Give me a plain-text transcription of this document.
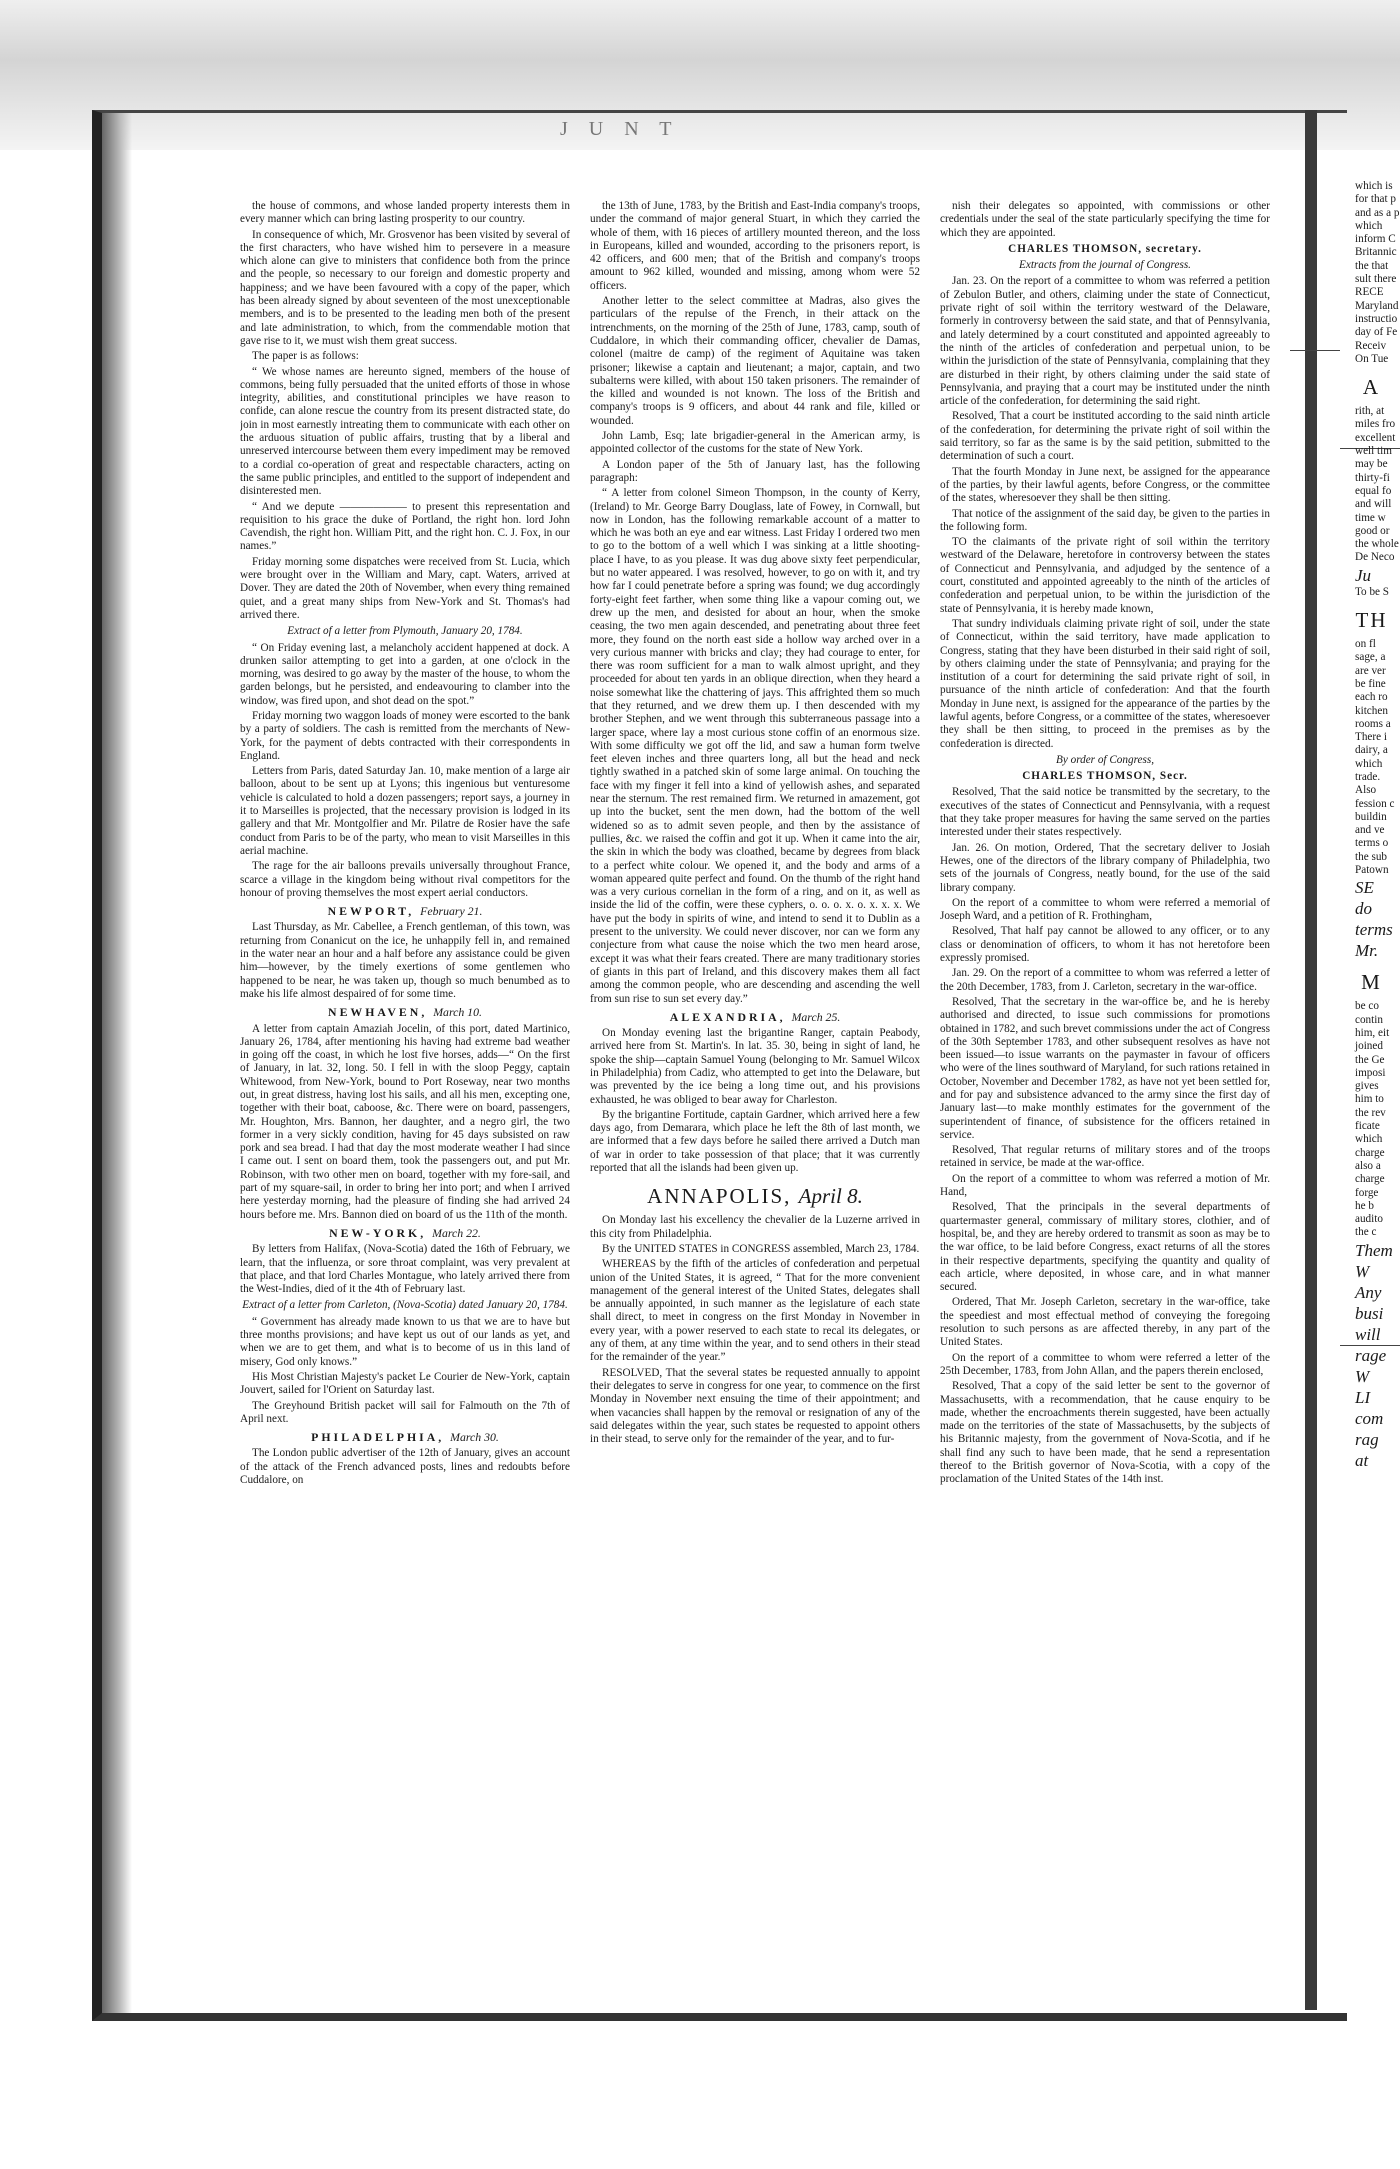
J U N T

the house of commons, and whose landed property interests them in every manner which can bring lasting prosperity to our country.

In consequence of which, Mr. Grosvenor has been visited by several of the first characters, who have wished him to persevere in a measure which alone can give to ministers that confidence both from the prince and the people, so necessary to our foreign and domestic property and happiness; and we have been favoured with a copy of the paper, which has been already signed by about seventeen of the most unexceptionable members, and is to be presented to the leading men both of the present and late administration, to which, from the commendable motion that gave rise to it, we must wish them great success.

The paper is as follows:

“ We whose names are hereunto signed, members of the house of commons, being fully persuaded that the united efforts of those in whose integrity, abilities, and constitutional principles we have reason to confide, can alone rescue the country from its present distracted state, do join in most earnestly intreating them to communicate with each other on the arduous situation of public affairs, trusting that by a liberal and unreserved intercourse between them every impediment may be removed to a cordial co-operation of great and respectable characters, acting on the same public principles, and entitled to the support of independent and disinterested men.

“ And we depute —————— to present this representation and requisition to his grace the duke of Portland, the right hon. lord John Cavendish, the right hon. William Pitt, and the right hon. C. J. Fox, in our names.”

Friday morning some dispatches were received from St. Lucia, which were brought over in the William and Mary, capt. Waters, arrived at Dover. They are dated the 20th of November, when every thing remained quiet, and a great many ships from New-York and St. Thomas's had arrived there.

Extract of a letter from Plymouth, January 20, 1784.

“ On Friday evening last, a melancholy accident happened at dock. A drunken sailor attempting to get into a garden, at one o'clock in the morning, was desired to go away by the master of the house, to whom the garden belongs, but he persisted, and endeavouring to clamber into the window, was fired upon, and shot dead on the spot.”

Friday morning two waggon loads of money were escorted to the bank by a party of soldiers. The cash is remitted from the merchants of New-York, for the payment of debts contracted with their correspondents in England.

Letters from Paris, dated Saturday Jan. 10, make mention of a large air balloon, about to be sent up at Lyons; this ingenious but venturesome vehicle is calculated to hold a dozen passengers; report says, a journey in it to Marseilles is projected, that the necessary provision is lodged in its gallery and that Mr. Montgolfier and Mr. Pilatre de Rosier have the safe conduct from Paris to be of the party, who mean to visit Marseilles in this aerial machine.

The rage for the air balloons prevails universally throughout France, scarce a village in the kingdom being without rival competitors for the honour of proving themselves the most expert aerial conductors.

NEWPORT, February 21.

Last Thursday, as Mr. Cabellee, a French gentleman, of this town, was returning from Conanicut on the ice, he unhappily fell in, and remained in the water near an hour and a half before any assistance could be given him—however, by the timely exertions of some gentlemen who happened to be near, he was taken up, though so much benumbed as to make his life almost despaired of for some time.

NEWHAVEN, March 10.

A letter from captain Amaziah Jocelin, of this port, dated Martinico, January 26, 1784, after mentioning his having had extreme bad weather in going off the coast, in which he lost five horses, adds—“ On the first of January, in lat. 32, long. 50. I fell in with the sloop Peggy, captain Whitewood, from New-York, bound to Port Roseway, near two months out, in great distress, having lost his sails, and all his men, excepting one, together with their boat, caboose, &c. There were on board, passengers, Mr. Houghton, Mrs. Bannon, her daughter, and a negro girl, the two former in a very sickly condition, having for 45 days subsisted on raw pork and sea bread. I had that day the most moderate weather I had since I came out. I sent on board them, took the passengers out, and put Mr. Robinson, with two other men on board, together with my fore-sail, and part of my square-sail, in order to bring her into port; and when I arrived here yesterday morning, had the pleasure of finding she had arrived 24 hours before me. Mrs. Bannon died on board of us the 11th of the month.

NEW-YORK, March 22.

By letters from Halifax, (Nova-Scotia) dated the 16th of February, we learn, that the influenza, or sore throat complaint, was very prevalent at that place, and that lord Charles Montague, who lately arrived there from the West-Indies, died of it the 4th of February last.

Extract of a letter from Carleton, (Nova-Scotia) dated January 20, 1784.

“ Government has already made known to us that we are to have but three months provisions; and have kept us out of our lands as yet, and when we are to get them, and what is to become of us in this land of misery, God only knows.”

His Most Christian Majesty's packet Le Courier de New-York, captain Jouvert, sailed for l'Orient on Saturday last.

The Greyhound British packet will sail for Falmouth on the 7th of April next.

PHILADELPHIA, March 30.

The London public advertiser of the 12th of January, gives an account of the attack of the French advanced posts, lines and redoubts before Cuddalore, on

the 13th of June, 1783, by the British and East-India company's troops, under the command of major general Stuart, in which they carried the whole of them, with 16 pieces of artillery mounted thereon, and the loss in Europeans, killed and wounded, according to the prisoners report, is 42 officers, and 600 men; that of the British and company's troops amount to 962 killed, wounded and missing, among whom were 52 officers.

Another letter to the select committee at Madras, also gives the particulars of the repulse of the French, in their attack on the intrenchments, on the morning of the 25th of June, 1783, camp, south of Cuddalore, in which their commanding officer, chevalier de Damas, colonel (maitre de camp) of the regiment of Aquitaine was taken prisoner; likewise a captain and lieutenant; a major, captain, and two subalterns were killed, with about 150 taken prisoners. The remainder of the killed and wounded is not known. The loss of the British and company's troops is 9 officers, and about 44 rank and file, killed or wounded.

John Lamb, Esq; late brigadier-general in the American army, is appointed collector of the customs for the state of New York.

A London paper of the 5th of January last, has the following paragraph:

“ A letter from colonel Simeon Thompson, in the county of Kerry, (Ireland) to Mr. George Barry Douglass, late of Fowey, in Cornwall, but now in London, has the following remarkable account of a matter to which he was both an eye and ear witness. Last Friday I ordered two men to go to the bottom of a well which I was sinking at a little shooting-place I have, to as you please. It was dug above sixty feet perpendicular, but no water appeared. I was resolved, however, to go on with it, and try how far I could penetrate before a spring was found; we dug accordingly forty-eight feet farther, when some thing like a vapour coming out, we drew up the men, and desisted for about an hour, when the smoke ceasing, the two men again descended, and penetrating about three feet more, they found on the north east side a hollow way arched over in a very curious manner with bricks and clay; they had courage to enter, for there was room sufficient for a man to walk almost upright, and they proceeded for about ten yards in an oblique direction, when they heard a noise somewhat like the chattering of jays. This affrighted them so much that they returned, and we drew them up. I then descended with my brother Stephen, and we went through this subterraneous passage into a larger space, where lay a most curious stone coffin of an enormous size. With some difficulty we got off the lid, and saw a human form twelve feet eleven inches and three quarters long, all but the head and neck tightly swathed in a patched skin of some large animal. On touching the face with my finger it fell into a kind of yellowish ashes, and separated near the sternum. The rest remained firm. We returned in amazement, got up into the bucket, sent the men down, had the bottom of the well widened so as to admit seven people, and then by the assistance of pullies, &c. we raised the coffin and got it up. When it came into the air, the skin in which the body was cloathed, became by degrees from black to a perfect white colour. We opened it, and the body and arms of a woman appeared quite perfect and found. On the thumb of the right hand was a very curious cornelian in the form of a ring, and on it, as well as inside the lid of the coffin, were these cyphers, o. o. o. x. o. x. x. x. We have put the body in spirits of wine, and intend to send it to Dublin as a present to the university. We could never discover, nor can we form any conjecture from what cause the noise which the two men heard arose, except it was what their fears created. There are many traditionary stories of giants in this part of Ireland, and this discovery makes them all fact among the common people, who are descending and ascending the well from sun rise to sun set every day.”

ALEXANDRIA, March 25.

On Monday evening last the brigantine Ranger, captain Peabody, arrived here from St. Martin's. In lat. 35. 30, being in sight of land, he spoke the ship—captain Samuel Young (belonging to Mr. Samuel Wilcox in Philadelphia) from Cadiz, who attempted to get into the Delaware, but was prevented by the ice being a long time out, and his provisions exhausted, he was obliged to bear away for Charleston.

By the brigantine Fortitude, captain Gardner, which arrived here a few days ago, from Demarara, which place he left the 8th of last month, we are informed that a few days before he sailed there arrived a Dutch man of war in order to take possession of that place; that it was currently reported that all the islands had been given up.

ANNAPOLIS, April 8.

On Monday last his excellency the chevalier de la Luzerne arrived in this city from Philadelphia.

By the UNITED STATES in CONGRESS assembled, March 23, 1784.

WHEREAS by the fifth of the articles of confederation and perpetual union of the United States, it is agreed, “ That for the more convenient management of the general interest of the United States, delegates shall be annually appointed, in such manner as the legislature of each state shall direct, to meet in congress on the first Monday in November in every year, with a power reserved to each state to recal its delegates, or any of them, at any time within the year, and to send others in their stead for the remainder of the year.”

RESOLVED, That the several states be requested annually to appoint their delegates to serve in congress for one year, to commence on the first Monday in November next ensuing the time of their appointment; and when vacancies shall happen by the removal or resignation of any of the said delegates within the year, such states be requested to appoint others in their stead, to serve only for the remainder of the year, and to fur-

nish their delegates so appointed, with commissions or other credentials under the seal of the state particularly specifying the time for which they are appointed.

CHARLES THOMSON, secretary.

Extracts from the journal of Congress.

Jan. 23. On the report of a committee to whom was referred a petition of Zebulon Butler, and others, claiming under the state of Connecticut, private right of soil within the territory westward of the Delaware, formerly in controversy between the said state, and that of Pennsylvania, and lately determined by a court constituted and appointed agreeably to the ninth of the articles of confederation and perpetual union, to be within the jurisdiction of the state of Pennsylvania, complaining that they are disturbed in their right, by others claiming under the said state of Pennsylvania, and praying that a court may be instituted under the ninth article of the confederation, for determining the said right.

Resolved, That a court be instituted according to the said ninth article of the confederation, for determining the private right of soil within the said territory, so far as the same is by the said petition, submitted to the determination of such a court.

That the fourth Monday in June next, be assigned for the appearance of the parties, by their lawful agents, before Congress, or the committee of the states, wheresoever they shall be then sitting.

That notice of the assignment of the said day, be given to the parties in the following form.

TO the claimants of the private right of soil within the territory westward of the Delaware, heretofore in controversy between the states of Connecticut and Pennsylvania, and adjudged by the sentence of a court, constituted and appointed agreeably to the ninth of the articles of confederation and perpetual union, to be within the jurisdiction of the state of Pennsylvania, it is hereby made known,

That sundry individuals claiming private right of soil, under the state of Connecticut, within the said territory, have made application to Congress, stating that they have been disturbed in their said right of soil, by others claiming under the state of Pennsylvania; and praying for the institution of a court for determining the said private right of soil, in pursuance of the ninth article of confederation: And that the fourth Monday in June next, is assigned for the appearance of the parties by the lawful agents, before Congress, or a committee of the states, wheresoever they shall be then sitting, to proceed in the premises as by the confederation is directed.

By order of Congress,

CHARLES THOMSON, Secr.

Resolved, That the said notice be transmitted by the secretary, to the executives of the states of Connecticut and Pennsylvania, with a request that they take proper measures for having the same served on the parties interested under their states respectively.

Jan. 26. On motion, Ordered, That the secretary deliver to Josiah Hewes, one of the directors of the library company of Philadelphia, two sets of the journals of Congress, neatly bound, for the use of the said library company.

On the report of a committee to whom were referred a memorial of Joseph Ward, and a petition of R. Frothingham,

Resolved, That half pay cannot be allowed to any officer, or to any class or denomination of officers, to whom it has not heretofore been expressly promised.

Jan. 29. On the report of a committee to whom was referred a letter of the 20th December, 1783, from J. Carleton, secretary in the war-office.

Resolved, That the secretary in the war-office be, and he is hereby authorised and directed, to issue such commissions for promotions obtained in 1782, and such brevet commissions under the act of Congress of the 30th September 1783, and other subsequent resolves as have not been issued—to issue warrants on the paymaster in favour of officers who were of the lines southward of Maryland, for such rations retained in October, November and December 1782, as have not yet been settled for, and for pay and subsistence advanced to the army since the first day of January last—to make monthly estimates for the government of the superintendent of finance, of subsistence for the officers retained in service.

Resolved, That regular returns of military stores and of the troops retained in service, be made at the war-office.

On the report of a committee to whom was referred a motion of Mr. Hand,

Resolved, That the principals in the several departments of quartermaster general, commissary of military stores, clothier, and of hospital, be, and they are hereby ordered to transmit as soon as may be to the war office, to be laid before Congress, exact returns of all the stores in their respective departments, specifying the quantity and quality of each article, where deposited, in whose care, and in what manner secured.

Ordered, That Mr. Joseph Carleton, secretary in the war-office, take the speediest and most effectual method of conveying the foregoing resolution to such persons as are affected thereby, in any part of the United States.

On the report of a committee to whom were referred a letter of the 25th December, 1783, from John Allan, and the papers therein enclosed,

Resolved, That a copy of the said letter be sent to the governor of Massachusetts, with a recommendation, that he cause enquiry to be made, whether the encroachments therein suggested, have been actually made on the territories of the state of Massachusetts, by the subjects of his Britannic majesty, from the government of Nova-Scotia, and if he shall find any such to have been made, that he send a representation thereof to the British governor of Nova-Scotia, with a copy of the proclamation of the United States of the 14th inst.

which is

for that p

and as a p

which

inform C

Britannic

the that

sult there

RECE

Maryland

instructio

day of Fe

Receiv

On Tue

A

rith, at

miles fro

excellent

well tim

may be

thirty-fi

equal fo

and will

time w

good or

the whole

De Neco

Ju

To be S

TH

on fl

sage, a

are ver

be fine

each ro

kitchen

rooms a

There i

dairy, a

which

trade.

Also

fession c

buildin

and ve

terms o

the sub

Patown

SE

do

terms

Mr.

M

be co

contin

him, eit

joined

the Ge

imposi

gives

him to

the rev

ficate

which

charge

also a

charge

forge

he b

audito

the c

Them

W

Any

busi

will

rage

W

LI

com

rag

at
